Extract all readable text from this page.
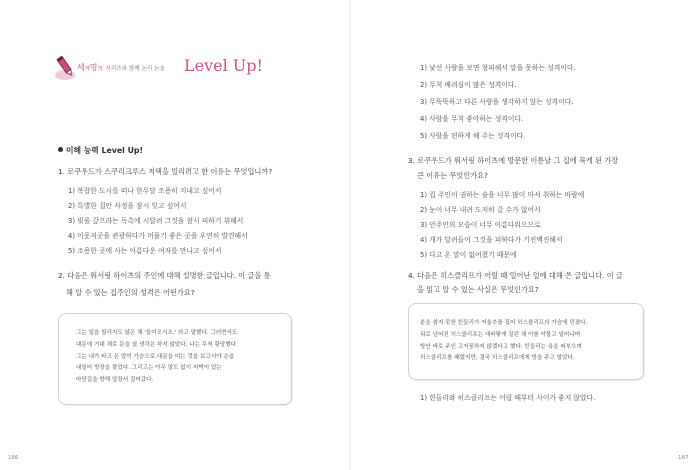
세계명작 시리즈와 함께 논리 논술 Level Up!
이해 능력 Level Up!
1. 로쿠우드가 스쿠리크루스 저택을 빌리려고 한 이유는 무엇입니까?
1) 복잡한 도시를 떠나 한두달 조용히 지내고 싶어서
2) 특별한 집안 사정을 잠시 잊고 싶어서
3) 빚을 갚으라는 독촉에 시달려 그것을 잠시 피하기 위해서
4) 이웃저곳을 관광하다가 머물기 좋은 곳을 우연히 발견해서
5) 조용한 곳에 사는 아름다운 여자를 만나고 싶어서
2. 다음은 워서링 하이츠의 주인에 대해 설명한 글입니다. 이 글을 통
해 알 수 있는 집주인의 성격은 어떤가요?
그는 일을 빌리지도 않은 채 '들어오시오.' 라고 말했다. 그러면서도
대문에 기대 채로 문을 열 생각은 하지 않았다. 나는 무척 황당했다.
그는 내가 타고 온 말이 가슴으로 대문을 미는 것을 보고서야 손을
내밀어 빗장을 풀었다. 그리고는 아무 말도 없이 저벅이 있는
마당길을 향해 앞장서 걸어갔다.
186
1) 낯선 사람을 보면 창피해서 말을 못하는 성격이다.
2) 무척 배려심이 많은 성격이다.
3) 무뚝뚝하고 다른 사람을 생각하지 않는 성격이다.
4) 사람을 무척 좋아하는 성격이다.
5) 사람을 편하게 해 주는 성격이다.
3. 로쿠우드가 워서링 하이츠에 방문한 이튿날 그 집에 묵게 된 가장
큰 이유는 무엇인가요?
1) 집 주인이 권하는 술을 너무 많이 마셔 취하는 바람에
2) 눈이 너무 내려 도저히 갈 수가 없어서
3) 안주인의 모습이 너무 아름다워으므로
4) 개가 달려들어 그것을 피하다가 기진맥진해서
5) 다고 온 말이 없어졌기 때문에
4. 다음은 히스클리프가 어릴 때 일어난 일에 대해 쓴 글입니다. 이 글
을 읽고 알 수 있는 사실은 무엇인가요?
분을 참지 못한 힌들리가 저울추를 집어 히스클리프의 가슴에 던졌다.
뒤로 넘어진 히스클리프는 새파랗게 질린 채 이를 악물고 일어나며
방안 바로 주인 고저꿍하지 않겠다고 했다. 힌들리는 욕을 퍼부으며
히스클리프를 때렸지만, 결국 히스클리프에게 방을 주고 말았다.
1) 힌들리와 히스클리프는 어릴 때부터 사이가 좋지 않았다.
187
